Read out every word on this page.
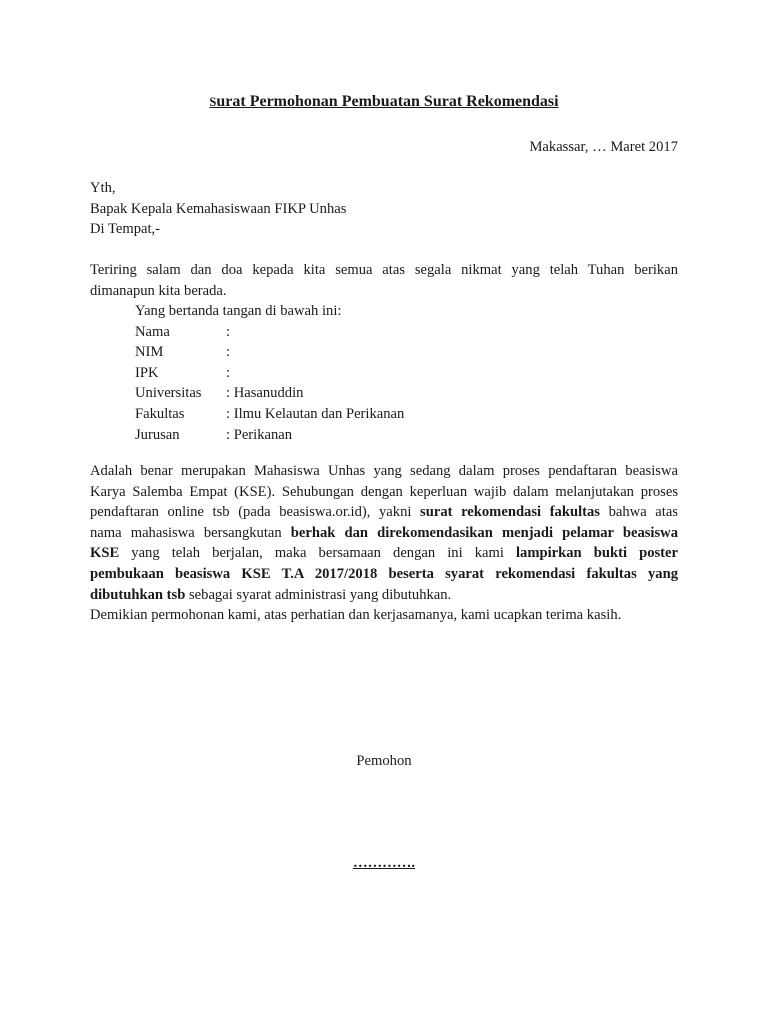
Surat Permohonan Pembuatan Surat Rekomendasi
Makassar, … Maret 2017
Yth,
Bapak Kepala Kemahasiswaan FIKP Unhas
Di Tempat,-
Teriring salam dan doa kepada kita semua atas segala nikmat yang telah Tuhan berikan
dimanapun kita berada.
Yang bertanda tangan di bawah ini:
Nama	:
NIM	:
IPK	:
Universitas	: Hasanuddin
Fakultas	: Ilmu Kelautan dan Perikanan
Jurusan	: Perikanan
Adalah benar merupakan Mahasiswa Unhas yang sedang dalam proses pendaftaran beasiswa
Karya Salemba Empat (KSE). Sehubungan dengan keperluan wajib dalam melanjutakan proses
pendaftaran online tsb (pada beasiswa.or.id), yakni surat rekomendasi fakultas bahwa atas
nama mahasiswa bersangkutan berhak dan direkomendasikan menjadi pelamar beasiswa
KSE yang telah berjalan, maka bersamaan dengan ini kami lampirkan bukti poster
pembukaan beasiswa KSE T.A 2017/2018 beserta syarat rekomendasi fakultas yang
dibutuhkan tsb sebagai syarat administrasi yang dibutuhkan.
Demikian permohonan kami, atas perhatian dan kerjasamanya, kami ucapkan terima kasih.
Pemohon
………….
